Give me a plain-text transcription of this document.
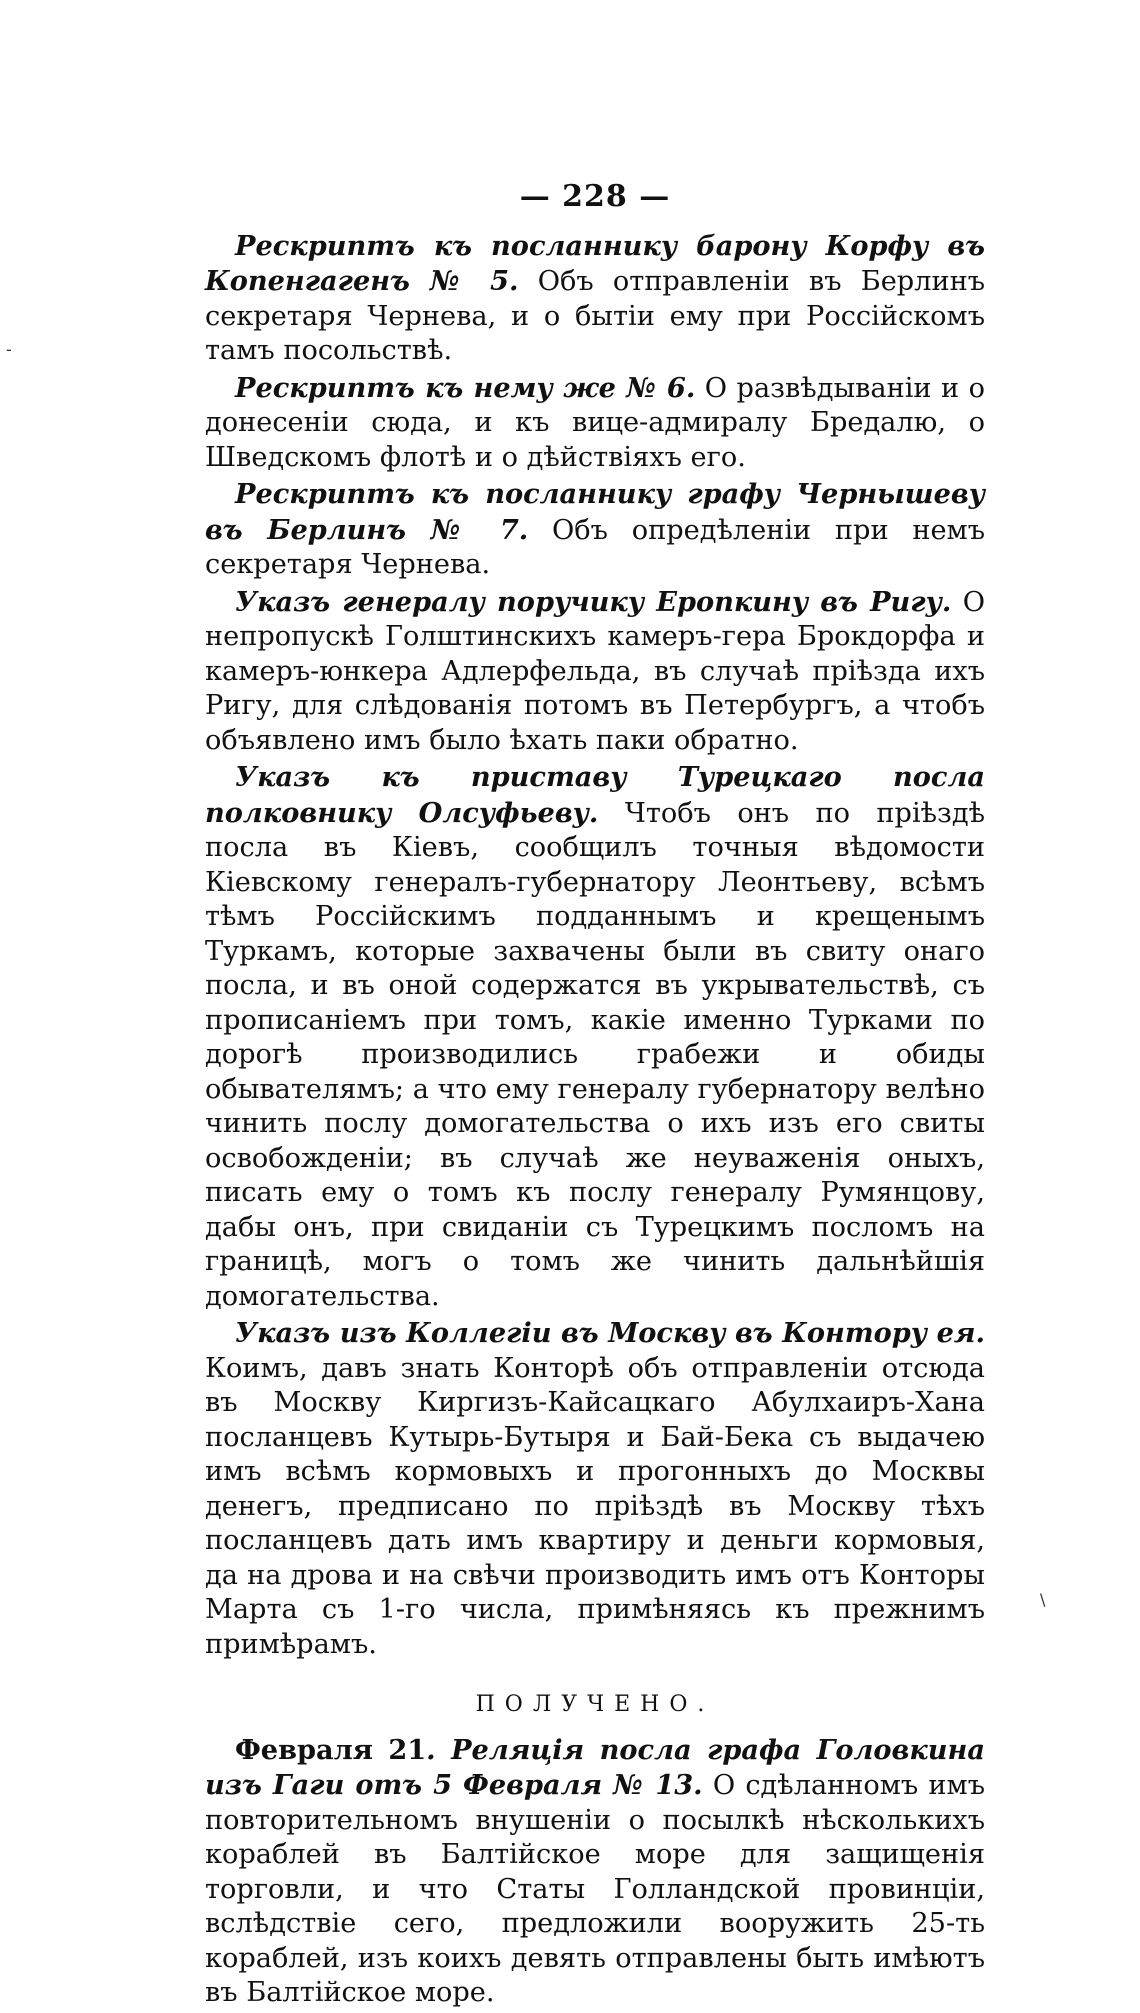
— 228 —

Рескриптъ къ посланнику барону Корфу въ Копенгагенъ № 5. Объ отправленіи въ Берлинъ секретаря Чернева, и о бытіи ему при Россійскомъ тамъ посольствѣ.

Рескриптъ къ нему же № 6. О развѣдываніи и о донесеніи сюда, и къ вице-адмиралу Бредалю, о Шведскомъ флотѣ и о дѣйствіяхъ его.

Рескриптъ къ посланнику графу Чернышеву въ Берлинъ № 7. Объ опредѣленіи при немъ секретаря Чернева.

Указъ генералу поручику Еропкину въ Ригу. О непропускѣ Голштинскихъ камеръ-гера Брокдорфа и камеръ-юнкера Адлерфельда, въ случаѣ пріѣзда ихъ Ригу, для слѣдованія потомъ въ Петербургъ, а чтобъ объявлено имъ было ѣхать паки обратно.

Указъ къ приставу Турецкаго посла полковнику Олсуфьеву. Чтобъ онъ по пріѣздѣ посла въ Кіевъ, сообщилъ точныя вѣдомости Кіевскому генералъ-губернатору Леонтьеву, всѣмъ тѣмъ Россійскимъ подданнымъ и крещенымъ Туркамъ, которые захвачены были въ свиту онаго посла, и въ оной содержатся въ укрывательствѣ, съ прописаніемъ при томъ, какіе именно Турками по дорогѣ производились грабежи и обиды обывателямъ; а что ему генералу губернатору велѣно чинить послу домогательства о ихъ изъ его свиты освобожденіи; въ случаѣ же неуваженія оныхъ, писать ему о томъ къ послу генералу Румянцову, дабы онъ, при свиданіи съ Турецкимъ посломъ на границѣ, могъ о томъ же чинить дальнѣйшія домогательства.

Указъ изъ Коллегіи въ Москву въ Контору ея. Коимъ, давъ знать Конторѣ объ отправленіи отсюда въ Москву Киргизъ-Кайсацкаго Абулхаиръ-Хана посланцевъ Кутырь-Бутыря и Бай-Бека съ выдачею имъ всѣмъ кормовыхъ и прогонныхъ до Москвы денегъ, предписано по пріѣздѣ въ Москву тѣхъ посланцевъ дать имъ квартиру и деньги кормовыя, да на дрова и на свѣчи производить имъ отъ Конторы Марта съ 1-го числа, примѣняясь къ прежнимъ примѣрамъ.

ПОЛУЧЕНО.

Февраля 21. Реляція посла графа Головкина изъ Гаги отъ 5 Февраля № 13. О сдѣланномъ имъ повторительномъ внушеніи о посылкѣ нѣсколькихъ кораблей въ Балтійское море для защищенія торговли, и что Статы Голландской провинціи, вслѣдствіе сего, предложили вооружить 25-ть кораблей, изъ коихъ девять отправлены быть имѣютъ въ Балтійское море.

\
-
